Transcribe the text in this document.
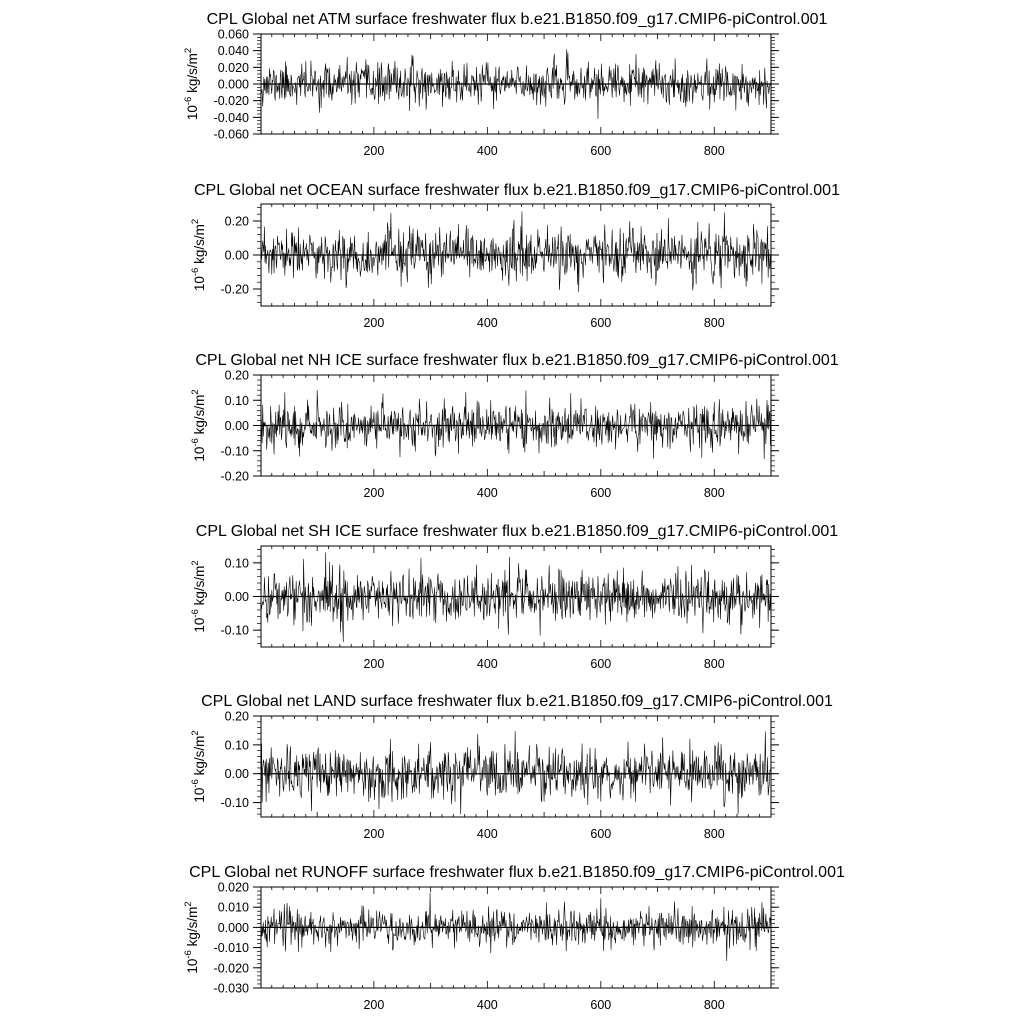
CPL Global net ATM surface freshwater flux b.e21.B1850.f09_g17.CMIP6-piControl.001
200	400	600	800
-0.060
-0.040
-0.020
0.000
0.020
0.040
0.060
$10^{-6}$ $kg/s/m^2$
CPL Global net OCEAN surface freshwater flux b.e21.B1850.f09_g17.CMIP6-piControl.001
200	400	600	800
-0.20
0.00
0.20
$10^{-6}$ $kg/s/m^2$
CPL Global net NH ICE surface freshwater flux b.e21.B1850.f09_g17.CMIP6-piControl.001
200	400	600	800
-0.20
-0.10
0.00
0.10
0.20
$10^{-6}$ $kg/s/m^2$
CPL Global net SH ICE surface freshwater flux b.e21.B1850.f09_g17.CMIP6-piControl.001
200	400	600	800
-0.10
0.00
0.10
$10^{-6}$ $kg/s/m^2$
CPL Global net LAND surface freshwater flux b.e21.B1850.f09_g17.CMIP6-piControl.001
200	400	600	800
-0.10
0.00
0.10
0.20
$10^{-6}$ $kg/s/m^2$
CPL Global net RUNOFF surface freshwater flux b.e21.B1850.f09_g17.CMIP6-piControl.001
200	400	600	800
-0.030
-0.020
-0.010
0.000
0.010
0.020
$10^{-6}$ $kg/s/m^2$
